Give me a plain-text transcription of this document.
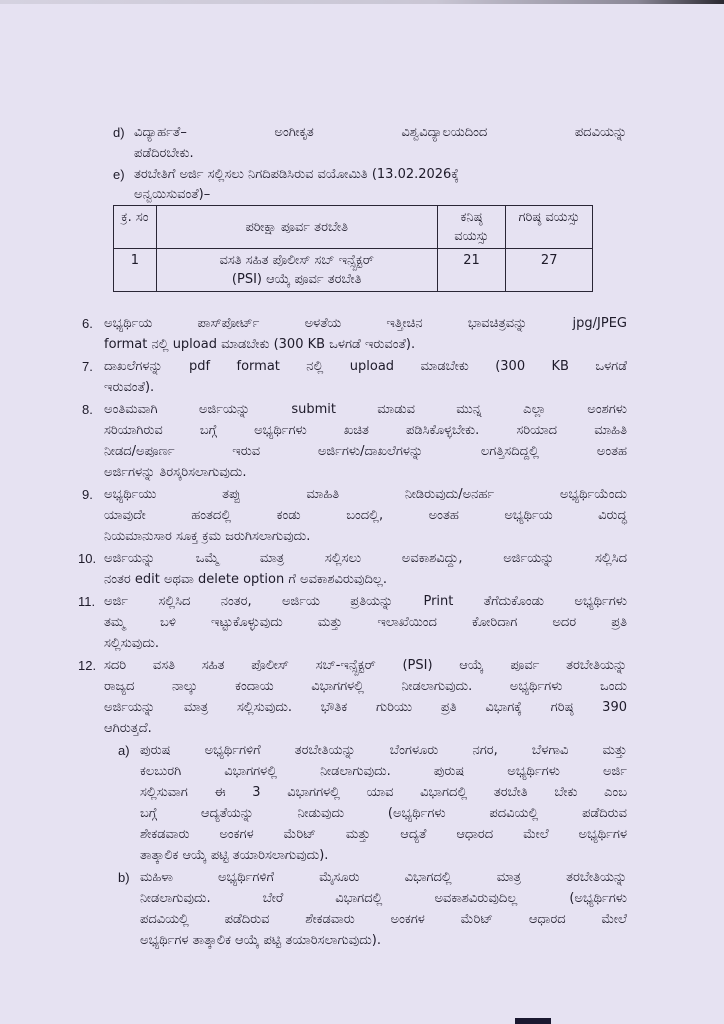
d) ವಿದ್ಯಾರ್ಹತೆ– ಅಂಗೀಕೃತ ವಿಶ್ವವಿದ್ಯಾಲಯದಿಂದ ಪದವಿಯನ್ನು
ಪಡೆದಿರಬೇಕು.
e) ತರಬೇತಿಗೆ ಅರ್ಜಿ ಸಲ್ಲಿಸಲು ನಿಗದಿಪಡಿಸಿರುವ ವಯೋಮಿತಿ (13.02.2026ಕ್ಕೆ
ಅನ್ವಯಿಸುವಂತೆ)–
ಕ್ರ. ಸಂ	ಪರೀಕ್ಷಾ ಪೂರ್ವ ತರಬೇತಿ	ಕನಿಷ್ಠ ವಯಸ್ಸು	ಗರಿಷ್ಠ ವಯಸ್ಸು
1	ವಸತಿ ಸಹಿತ ಪೊಲೀಸ್ ಸಬ್ ಇನ್ಸ್ಪೆಕ್ಟರ್
(PSI) ಆಯ್ಕೆ ಪೂರ್ವ ತರಬೇತಿ	21	27
6. ಅಭ್ಯರ್ಥಿಯ ಪಾಸ್‌ಪೋರ್ಟ್ ಅಳತೆಯ ಇತ್ತೀಚಿನ ಭಾವಚಿತ್ರವನ್ನು jpg/JPEG
format ನಲ್ಲಿ upload ಮಾಡಬೇಕು (300 KB ಒಳಗಡೆ ಇರುವಂತೆ).
7. ದಾಖಲೆಗಳನ್ನು pdf format ನಲ್ಲಿ upload ಮಾಡಬೇಕು (300 KB ಒಳಗಡೆ
ಇರುವಂತೆ).
8. ಅಂತಿಮವಾಗಿ ಅರ್ಜಿಯನ್ನು submit ಮಾಡುವ ಮುನ್ನ ಎಲ್ಲಾ ಅಂಶಗಳು
ಸರಿಯಾಗಿರುವ ಬಗ್ಗೆ ಅಭ್ಯರ್ಥಿಗಳು ಖಚಿತ ಪಡಿಸಿಕೊಳ್ಳಬೇಕು. ಸರಿಯಾದ ಮಾಹಿತಿ
ನೀಡದ/ಅಪೂರ್ಣ ಇರುವ ಅರ್ಜಿಗಳು/ದಾಖಲೆಗಳನ್ನು ಲಗತ್ತಿಸದಿದ್ದಲ್ಲಿ ಅಂತಹ
ಅರ್ಜಿಗಳನ್ನು ತಿರಸ್ಕರಿಸಲಾಗುವುದು.
9. ಅಭ್ಯರ್ಥಿಯು ತಪ್ಪು ಮಾಹಿತಿ ನೀಡಿರುವುದು/ಅನರ್ಹ ಅಭ್ಯರ್ಥಿಯೆಂದು
ಯಾವುದೇ ಹಂತದಲ್ಲಿ ಕಂಡು ಬಂದಲ್ಲಿ, ಅಂತಹ ಅಭ್ಯರ್ಥಿಯ ವಿರುದ್ಧ
ನಿಯಮಾನುಸಾರ ಸೂಕ್ತ ಕ್ರಮ ಜರುಗಿಸಲಾಗುವುದು.
10. ಅರ್ಜಿಯನ್ನು ಒಮ್ಮೆ ಮಾತ್ರ ಸಲ್ಲಿಸಲು ಅವಕಾಶವಿದ್ದು, ಅರ್ಜಿಯನ್ನು ಸಲ್ಲಿಸಿದ
ನಂತರ edit ಅಥವಾ delete option ಗೆ ಅವಕಾಶವಿರುವುದಿಲ್ಲ.
11. ಅರ್ಜಿ ಸಲ್ಲಿಸಿದ ನಂತರ, ಅರ್ಜಿಯ ಪ್ರತಿಯನ್ನು Print ತೆಗೆದುಕೊಂಡು ಅಭ್ಯರ್ಥಿಗಳು
ತಮ್ಮ ಬಳಿ ಇಟ್ಟುಕೊಳ್ಳುವುದು ಮತ್ತು ಇಲಾಖೆಯಿಂದ ಕೋರಿದಾಗ ಅದರ ಪ್ರತಿ
ಸಲ್ಲಿಸುವುದು.
12. ಸದರಿ ವಸತಿ ಸಹಿತ ಪೊಲೀಸ್ ಸಬ್-ಇನ್ಸ್ಪೆಕ್ಟರ್ (PSI) ಆಯ್ಕೆ ಪೂರ್ವ ತರಬೇತಿಯನ್ನು
ರಾಜ್ಯದ ನಾಲ್ಕು ಕಂದಾಯ ವಿಭಾಗಗಳಲ್ಲಿ ನೀಡಲಾಗುವುದು. ಅಭ್ಯರ್ಥಿಗಳು ಒಂದು
ಅರ್ಜಿಯನ್ನು ಮಾತ್ರ ಸಲ್ಲಿಸುವುದು. ಭೌತಿಕ ಗುರಿಯು ಪ್ರತಿ ವಿಭಾಗಕ್ಕೆ ಗರಿಷ್ಠ 390
ಆಗಿರುತ್ತದೆ.
a) ಪುರುಷ ಅಭ್ಯರ್ಥಿಗಳಿಗೆ ತರಬೇತಿಯನ್ನು ಬೆಂಗಳೂರು ನಗರ, ಬೆಳಗಾವಿ ಮತ್ತು
ಕಲಬುರಗಿ ವಿಭಾಗಗಳಲ್ಲಿ ನೀಡಲಾಗುವುದು. ಪುರುಷ ಅಭ್ಯರ್ಥಿಗಳು ಅರ್ಜಿ
ಸಲ್ಲಿಸುವಾಗ ಈ 3 ವಿಭಾಗಗಳಲ್ಲಿ ಯಾವ ವಿಭಾಗದಲ್ಲಿ ತರಬೇತಿ ಬೇಕು ಎಂಬ
ಬಗ್ಗೆ ಆದ್ಯತೆಯನ್ನು ನೀಡುವುದು (ಅಭ್ಯರ್ಥಿಗಳು ಪದವಿಯಲ್ಲಿ ಪಡೆದಿರುವ
ಶೇಕಡವಾರು ಅಂಕಗಳ ಮೆರಿಟ್ ಮತ್ತು ಆದ್ಯತೆ ಆಧಾರದ ಮೇಲೆ ಅಭ್ಯರ್ಥಿಗಳ
ತಾತ್ಕಾಲಿಕ ಆಯ್ಕೆ ಪಟ್ಟಿ ತಯಾರಿಸಲಾಗುವುದು).
b) ಮಹಿಳಾ ಅಭ್ಯರ್ಥಿಗಳಿಗೆ ಮೈಸೂರು ವಿಭಾಗದಲ್ಲಿ ಮಾತ್ರ ತರಬೇತಿಯನ್ನು
ನೀಡಲಾಗುವುದು. ಬೇರೆ ವಿಭಾಗದಲ್ಲಿ ಅವಕಾಶವಿರುವುದಿಲ್ಲ (ಅಭ್ಯರ್ಥಿಗಳು
ಪದವಿಯಲ್ಲಿ ಪಡೆದಿರುವ ಶೇಕಡವಾರು ಅಂಕಗಳ ಮೆರಿಟ್ ಆಧಾರದ ಮೇಲೆ
ಅಭ್ಯರ್ಥಿಗಳ ತಾತ್ಕಾಲಿಕ ಆಯ್ಕೆ ಪಟ್ಟಿ ತಯಾರಿಸಲಾಗುವುದು).
